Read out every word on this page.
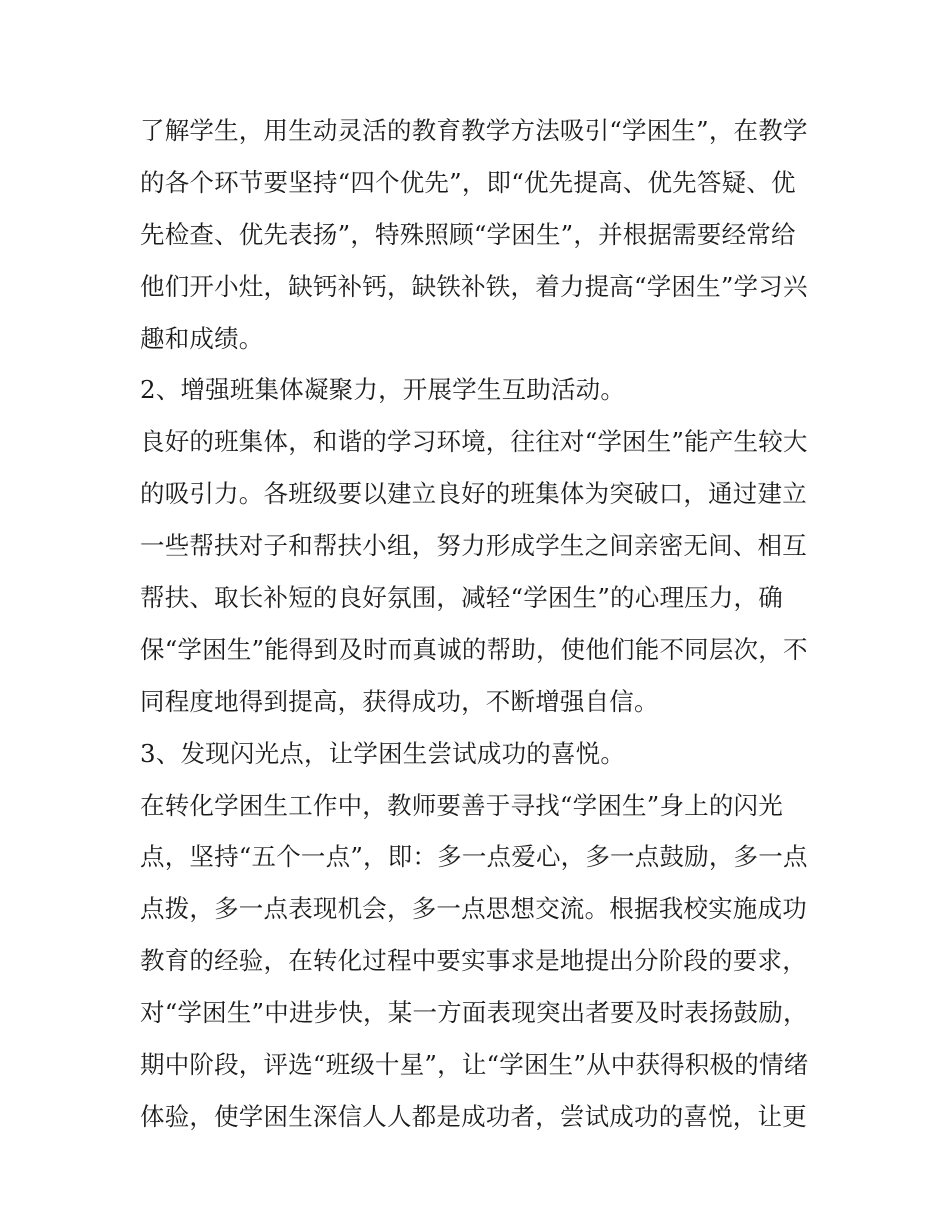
了解学生，用生动灵活的教育教学方法吸引“学困生”，在教学
的各个环节要坚持“四个优先”，即“优先提高、优先答疑、优
先检查、优先表扬”，特殊照顾“学困生”，并根据需要经常给
他们开小灶，缺钙补钙，缺铁补铁，着力提高“学困生”学习兴
趣和成绩。
2、增强班集体凝聚力，开展学生互助活动。
良好的班集体，和谐的学习环境，往往对“学困生”能产生较大
的吸引力。各班级要以建立良好的班集体为突破口，通过建立
一些帮扶对子和帮扶小组，努力形成学生之间亲密无间、相互
帮扶、取长补短的良好氛围，减轻“学困生”的心理压力，确
保“学困生”能得到及时而真诚的帮助，使他们能不同层次，不
同程度地得到提高，获得成功，不断增强自信。
3、发现闪光点，让学困生尝试成功的喜悦。
在转化学困生工作中，教师要善于寻找“学困生”身上的闪光
点，坚持“五个一点”，即：多一点爱心，多一点鼓励，多一点
点拨，多一点表现机会，多一点思想交流。根据我校实施成功
教育的经验，在转化过程中要实事求是地提出分阶段的要求，
对“学困生”中进步快，某一方面表现突出者要及时表扬鼓励，
期中阶段，评选“班级十星”，让“学困生”从中获得积极的情绪
体验，使学困生深信人人都是成功者，尝试成功的喜悦，让更
